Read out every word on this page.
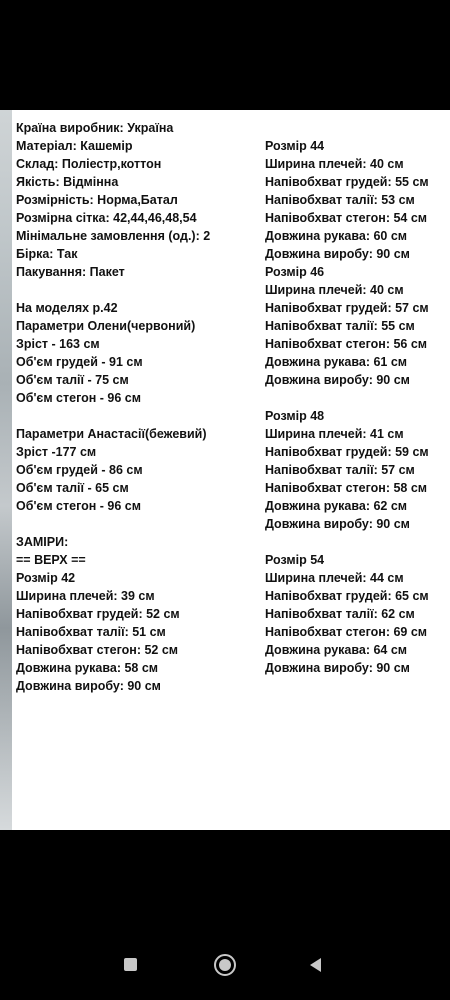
Країна виробник: Україна
Матеріал: Кашемір
Склад: Поліестр,коттон
Якість: Відмінна
Розмірність: Норма,Батал
Розмірна сітка: 42,44,46,48,54
Мінімальне замовлення (од.): 2
Бірка: Так
Пакування: Пакет
На моделях р.42
Параметри Олени(червоний)
Зріст - 163 см
Об'єм грудей - 91 см
Об'єм талії - 75 см
Об'єм стегон - 96 см
Параметри Анастасії(бежевий)
Зріст -177 см
Об'єм грудей - 86 см
Об'єм талії - 65 см
Об'єм стегон - 96 см
ЗАМІРИ:
== ВЕРХ ==
Розмір 42
Ширина плечей: 39 см
Напівобхват грудей: 52 см
Напівобхват талії: 51 см
Напівобхват стегон: 52 см
Довжина рукава: 58 см
Довжина виробу: 90 см
Розмір 44
Ширина плечей: 40 см
Напівобхват грудей: 55 см
Напівобхват талії: 53 см
Напівобхват стегон: 54 см
Довжина рукава: 60 см
Довжина виробу: 90 см
Розмір 46
Ширина плечей: 40 см
Напівобхват грудей: 57 см
Напівобхват талії: 55 см
Напівобхват стегон: 56 см
Довжина рукава: 61 см
Довжина виробу: 90 см
Розмір 48
Ширина плечей: 41 см
Напівобхват грудей: 59 см
Напівобхват талії: 57 см
Напівобхват стегон: 58 см
Довжина рукава: 62 см
Довжина виробу: 90 см
Розмір 54
Ширина плечей: 44 см
Напівобхват грудей: 65 см
Напівобхват талії: 62 см
Напівобхват стегон: 69 см
Довжина рукава: 64 см
Довжина виробу: 90 см
